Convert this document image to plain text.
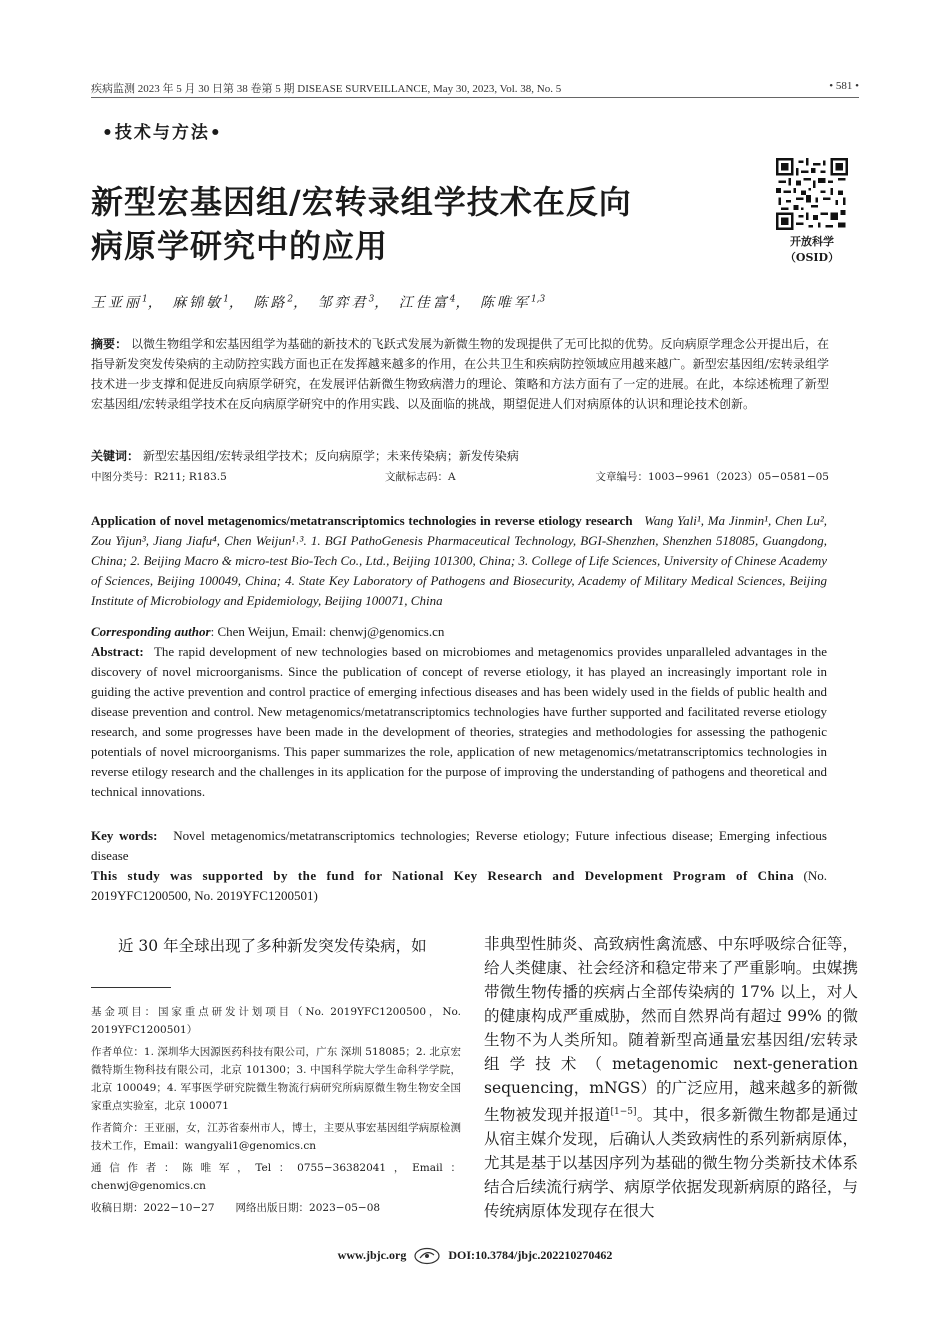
疾病监测 2023 年 5 月 30 日第 38 卷第 5 期 DISEASE SURVEILLANCE, May 30, 2023, Vol. 38, No. 5	• 581 •
•技术与方法•
新型宏基因组/宏转录组学技术在反向
病原学研究中的应用	开放科学
（OSID）
王亚丽$^1$， 麻锦敏$^1$， 陈路$^2$， 邹弈君$^3$， 江佳富$^4$， 陈唯军$^{1,3}$
摘要： 以微生物组学和宏基因组学为基础的新技术的飞跃式发展为新微生物的发现提供了无可比拟的优势。反向病原学理念公开提出后，在指导新发突发传染病的主动防控实践方面也正在发挥越来越多的作用，在公共卫生和疾病防控领域应用越来越广。新型宏基因组/宏转录组学技术进一步支撑和促进反向病原学研究，在发展评估新微生物致病潜力的理论、策略和方法方面有了一定的进展。在此，本综述梳理了新型宏基因组/宏转录组学技术在反向病原学研究中的作用实践、以及面临的挑战，期望促进人们对病原体的认识和理论技术创新。
关键词： 新型宏基因组/宏转录组学技术；反向病原学；未来传染病；新发传染病
中图分类号：R211; R183.5	文献标志码：A	文章编号：1003−9961（2023）05−0581−05
Application of novel metagenomics/metatranscriptomics technologies in reverse etiology research Wang Yali¹, Ma Jinmin¹, Chen Lu², Zou Yijun³, Jiang Jiafu⁴, Chen Weijun¹˒³. 1. BGI PathoGenesis Pharmaceutical Technology, BGI-Shenzhen, Shenzhen 518085, Guangdong, China; 2. Beijing Macro & micro-test Bio-Tech Co., Ltd., Beijing 101300, China; 3. College of Life Sciences, University of Chinese Academy of Sciences, Beijing 100049, China; 4. State Key Laboratory of Pathogens and Biosecurity, Academy of Military Medical Sciences, Beijing Institute of Microbiology and Epidemiology, Beijing 100071, China
Corresponding author: Chen Weijun, Email: chenwj@genomics.cn
Abstract: The rapid development of new technologies based on microbiomes and metagenomics provides unparalleled advantages in the discovery of novel microorganisms. Since the publication of concept of reverse etiology, it has played an increasingly important role in guiding the active prevention and control practice of emerging infectious diseases and has been widely used in the fields of public health and disease prevention and control. New metagenomics/metatranscriptomics technologies have further supported and facilitated reverse etiology research, and some progresses have been made in the development of theories, strategies and methodologies for assessing the pathogenic potentials of novel microorganisms. This paper summarizes the role, application of new metagenomics/metatranscriptomics technologies in reverse etilogy research and the challenges in its application for the purpose of improving the understanding of pathogens and theoretical and technical innovations.
Key words: Novel metagenomics/metatranscriptomics technologies; Reverse etiology; Future infectious disease; Emerging infectious disease
This study was supported by the fund for National Key Research and Development Program of China (No. 2019YFC1200500, No. 2019YFC1200501)
近 30 年全球出现了多种新发突发传染病，如
基金项目：国家重点研发计划项目（No. 2019YFC1200500，No. 2019YFC1200501）
作者单位：1. 深圳华大因源医药科技有限公司，广东 深圳 518085；2. 北京宏微特斯生物科技有限公司，北京 101300；3. 中国科学院大学生命科学学院，北京 100049；4. 军事医学研究院微生物流行病研究所病原微生物生物安全国家重点实验室，北京 100071
作者简介：王亚丽，女，江苏省泰州市人，博士，主要从事宏基因组学病原检测技术工作，Email：wangyali1@genomics.cn
通信作者：陈唯军，Tel：0755−36382041，Email：chenwj@genomics.cn
收稿日期：2022−10−27　　网络出版日期：2023−05−08
非典型性肺炎、高致病性禽流感、中东呼吸综合征等，给人类健康、社会经济和稳定带来了严重影响。虫媒携带微生物传播的疾病占全部传染病的 17% 以上，对人的健康构成严重威胁，然而自然界尚有超过 99% 的微生物不为人类所知。随着新型高通量宏基因组/宏转录组学技术（metagenomic next-generation sequencing，mNGS）的广泛应用，越来越多的新微生物被发现并报道[1−5]。其中，很多新微生物都是通过从宿主媒介发现，后确认人类致病性的系列新病原体，尤其是基于以基因序列为基础的微生物分类新技术体系结合后续流行病学、病原学依据发现新病原的路径，与传统病原体发现存在很大
www.jbjc.org	DOI:10.3784/jbjc.202210270462
